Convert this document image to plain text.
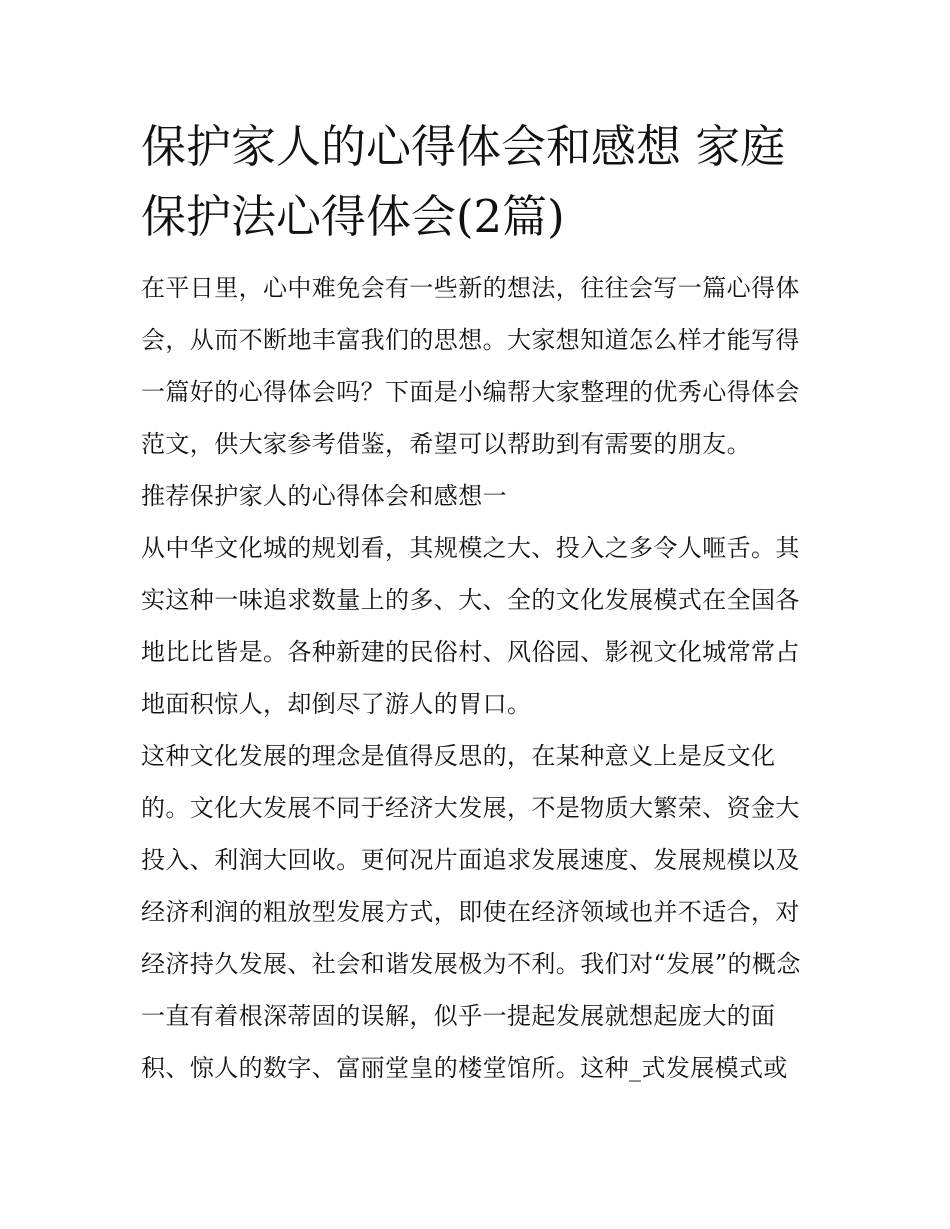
保护家人的心得体会和感想 家庭保护法心得体会(2篇)

在平日里，心中难免会有一些新的想法，往往会写一篇心得体会，从而不断地丰富我们的思想。大家想知道怎么样才能写得一篇好的心得体会吗？下面是小编帮大家整理的优秀心得体会范文，供大家参考借鉴，希望可以帮助到有需要的朋友。

推荐保护家人的心得体会和感想一

从中华文化城的规划看，其规模之大、投入之多令人咂舌。其实这种一味追求数量上的多、大、全的文化发展模式在全国各地比比皆是。各种新建的民俗村、风俗园、影视文化城常常占地面积惊人，却倒尽了游人的胃口。

这种文化发展的理念是值得反思的，在某种意义上是反文化的。文化大发展不同于经济大发展，不是物质大繁荣、资金大投入、利润大回收。更何况片面追求发展速度、发展规模以及经济利润的粗放型发展方式，即使在经济领域也并不适合，对经济持久发展、社会和谐发展极为不利。我们对“发展”的概念一直有着根深蒂固的误解，似乎一提起发展就想起庞大的面积、惊人的数字、富丽堂皇的楼堂馆所。这种_式发展模式或
